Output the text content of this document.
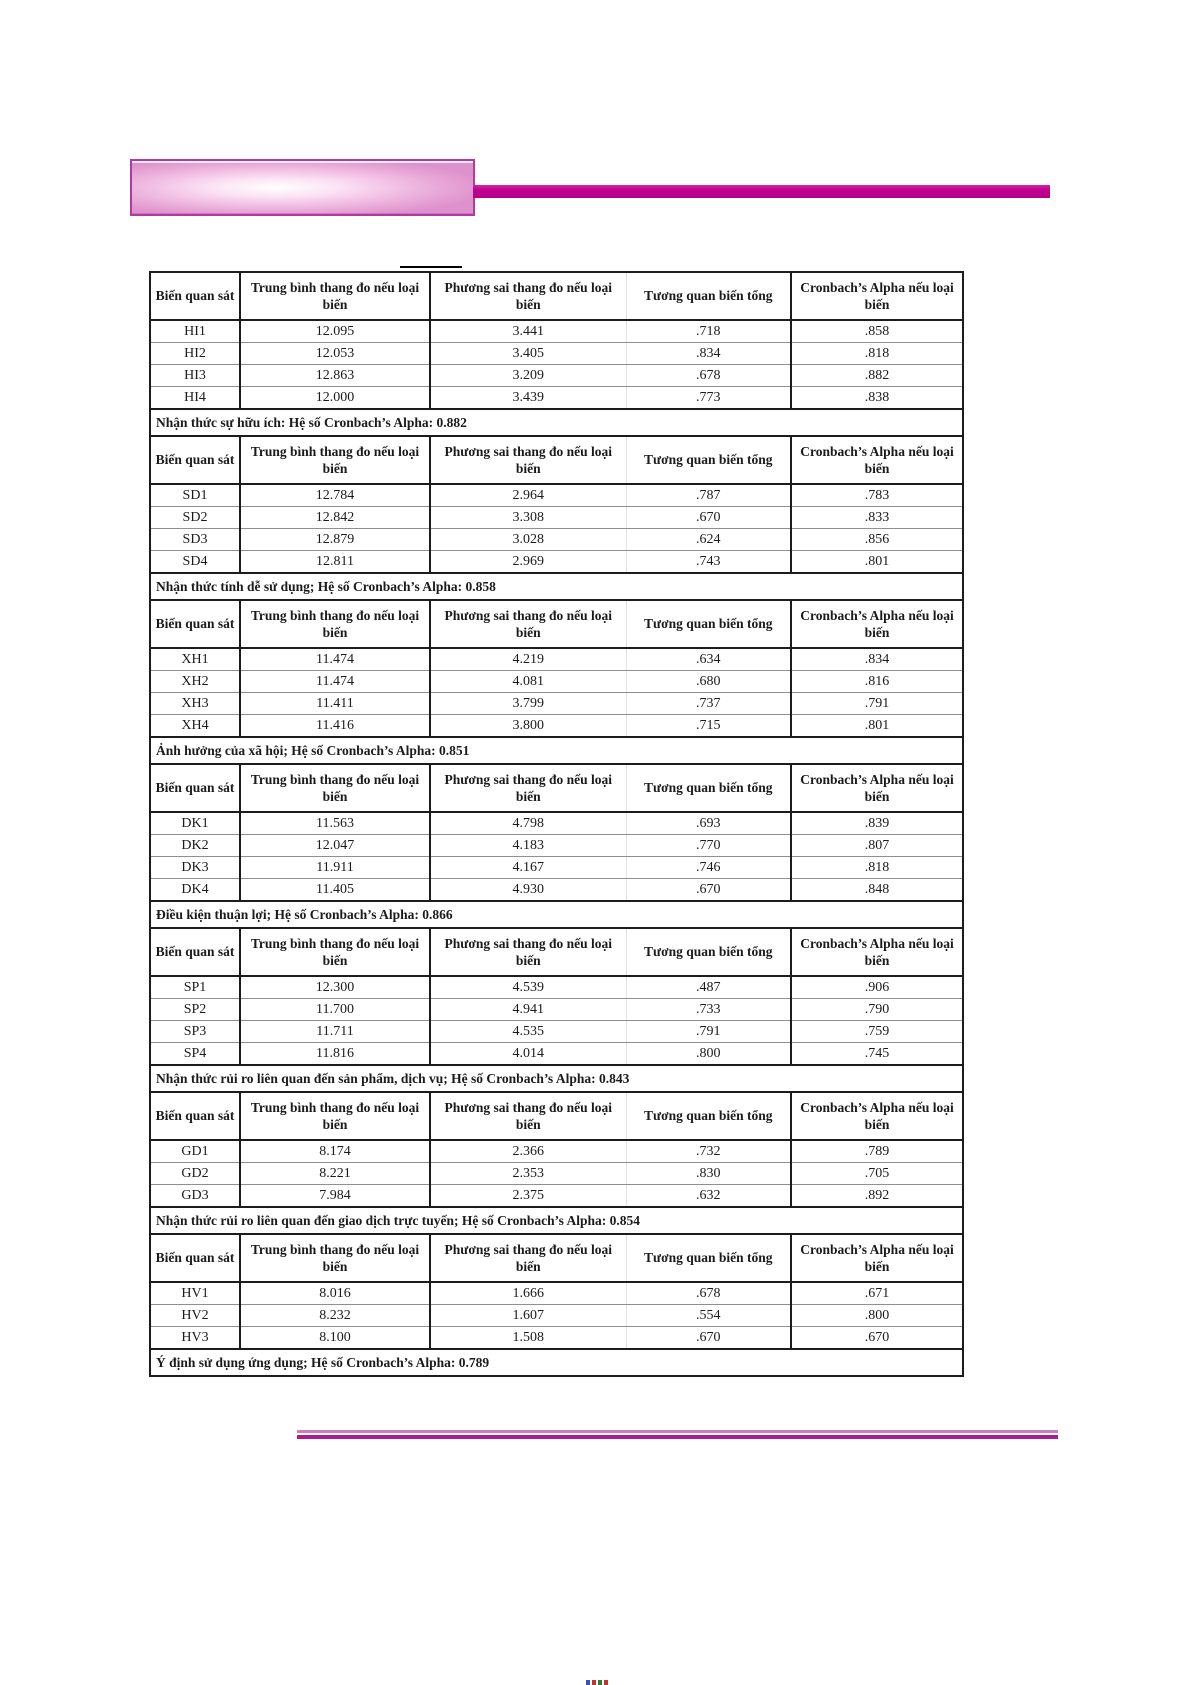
Biến quan sát	Trung bình thang đo nếu loại biến	Phương sai thang đo nếu loại biến	Tương quan biến tổng	Cronbach’s Alpha nếu loại biến
HI1	12.095	3.441	.718	.858
HI2	12.053	3.405	.834	.818
HI3	12.863	3.209	.678	.882
HI4	12.000	3.439	.773	.838
Nhận thức sự hữu ích: Hệ số Cronbach’s Alpha: 0.882				
Biến quan sát	Trung bình thang đo nếu loại biến	Phương sai thang đo nếu loại biến	Tương quan biến tổng	Cronbach’s Alpha nếu loại biến
SD1	12.784	2.964	.787	.783
SD2	12.842	3.308	.670	.833
SD3	12.879	3.028	.624	.856
SD4	12.811	2.969	.743	.801
Nhận thức tính dễ sử dụng; Hệ số Cronbach’s Alpha: 0.858				
Biến quan sát	Trung bình thang đo nếu loại biến	Phương sai thang đo nếu loại biến	Tương quan biến tổng	Cronbach’s Alpha nếu loại biến
XH1	11.474	4.219	.634	.834
XH2	11.474	4.081	.680	.816
XH3	11.411	3.799	.737	.791
XH4	11.416	3.800	.715	.801
Ảnh hưởng của xã hội; Hệ số Cronbach’s Alpha: 0.851				
Biến quan sát	Trung bình thang đo nếu loại biến	Phương sai thang đo nếu loại biến	Tương quan biến tổng	Cronbach’s Alpha nếu loại biến
DK1	11.563	4.798	.693	.839
DK2	12.047	4.183	.770	.807
DK3	11.911	4.167	.746	.818
DK4	11.405	4.930	.670	.848
Điều kiện thuận lợi; Hệ số Cronbach’s Alpha: 0.866				
Biến quan sát	Trung bình thang đo nếu loại biến	Phương sai thang đo nếu loại biến	Tương quan biến tổng	Cronbach’s Alpha nếu loại biến
SP1	12.300	4.539	.487	.906
SP2	11.700	4.941	.733	.790
SP3	11.711	4.535	.791	.759
SP4	11.816	4.014	.800	.745
Nhận thức rủi ro liên quan đến sản phẩm, dịch vụ; Hệ số Cronbach’s Alpha: 0.843				
Biến quan sát	Trung bình thang đo nếu loại biến	Phương sai thang đo nếu loại biến	Tương quan biến tổng	Cronbach’s Alpha nếu loại biến
GD1	8.174	2.366	.732	.789
GD2	8.221	2.353	.830	.705
GD3	7.984	2.375	.632	.892
Nhận thức rủi ro liên quan đến giao dịch trực tuyến; Hệ số Cronbach’s Alpha: 0.854				
Biến quan sát	Trung bình thang đo nếu loại biến	Phương sai thang đo nếu loại biến	Tương quan biến tổng	Cronbach’s Alpha nếu loại biến
HV1	8.016	1.666	.678	.671
HV2	8.232	1.607	.554	.800
HV3	8.100	1.508	.670	.670
Ý định sử dụng ứng dụng; Hệ số Cronbach’s Alpha: 0.789				
